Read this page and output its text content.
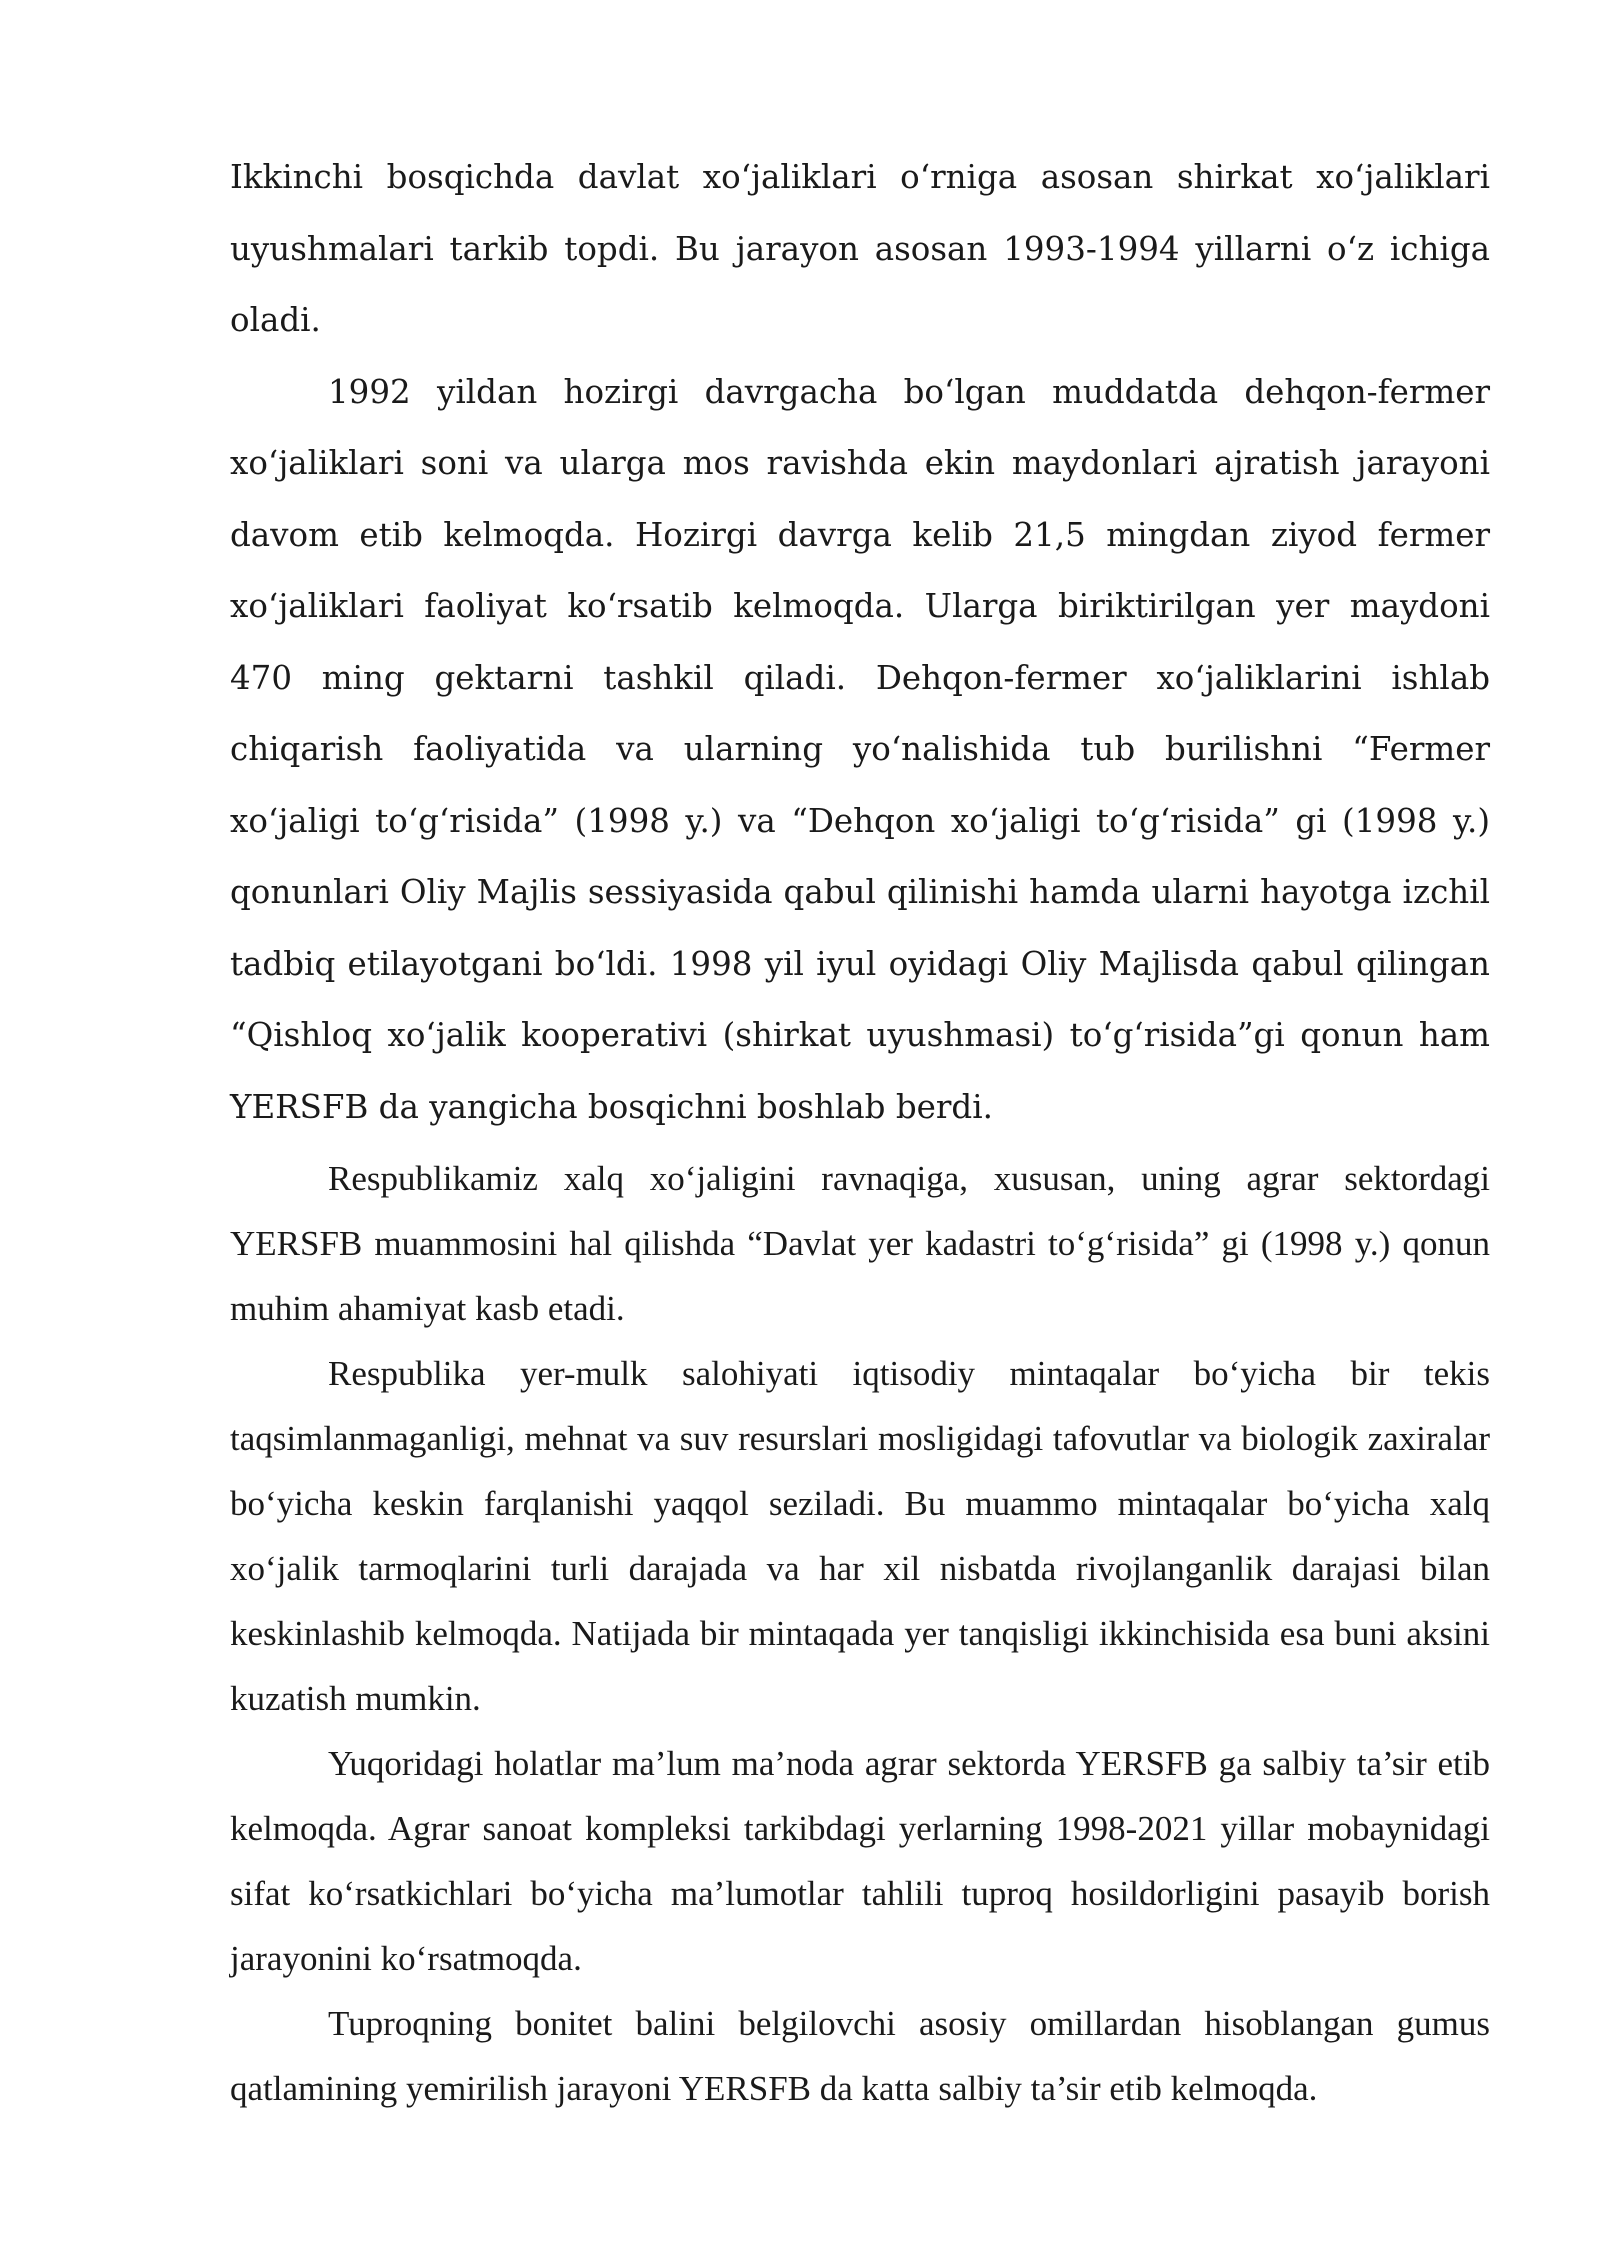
Ikkinchi bosqichda davlat xo‘jaliklari o‘rniga asosan shirkat xo‘jaliklari uyushmalari tarkib topdi. Bu jarayon asosan 1993-1994 yillarni o‘z ichiga oladi.

1992 yildan hozirgi davrgacha bo‘lgan muddatda dehqon-fermer xo‘jaliklari soni va ularga mos ravishda ekin maydonlari ajratish jarayoni davom etib kelmoqda. Hozirgi davrga kelib 21,5 mingdan ziyod fermer xo‘jaliklari faoliyat ko‘rsatib kelmoqda. Ularga biriktirilgan yer maydoni 470 ming gektarni tashkil qiladi. Dehqon-fermer xo‘jaliklarini ishlab chiqarish faoliyatida va ularning yo‘nalishida tub burilishni “Fermer xo‘jaligi to‘g‘risida” (1998 y.) va “Dehqon xo‘jaligi to‘g‘risida” gi (1998 y.) qonunlari Oliy Majlis sessiyasida qabul qilinishi hamda ularni hayotga izchil tadbiq etilayotgani bo‘ldi. 1998 yil iyul oyidagi Oliy Majlisda qabul qilingan “Qishloq xo‘jalik kooperativi (shirkat uyushmasi) to‘g‘risida”gi qonun ham YERSFB da yangicha bosqichni boshlab berdi.

Respublikamiz xalq xo‘jaligini ravnaqiga, xususan, uning agrar sektordagi YERSFB muammosini hal qilishda “Davlat yer kadastri to‘g‘risida” gi (1998 y.) qonun muhim ahamiyat kasb etadi.

Respublika yer-mulk salohiyati iqtisodiy mintaqalar bo‘yicha bir tekis taqsimlanmaganligi, mehnat va suv resurslari mosligidagi tafovutlar va biologik zaxiralar bo‘yicha keskin farqlanishi yaqqol seziladi. Bu muammo mintaqalar bo‘yicha xalq xo‘jalik tarmoqlarini turli darajada va har xil nisbatda rivojlanganlik darajasi bilan keskinlashib kelmoqda. Natijada bir mintaqada yer tanqisligi ikkinchisida esa buni aksini kuzatish mumkin.

Yuqoridagi holatlar ma’lum ma’noda agrar sektorda YERSFB ga salbiy ta’sir etib kelmoqda. Agrar sanoat kompleksi tarkibdagi yerlarning 1998-2021 yillar mobaynidagi sifat ko‘rsatkichlari bo‘yicha ma’lumotlar tahlili tuproq hosildorligini pasayib borish jarayonini ko‘rsatmoqda.

Tuproqning bonitet balini belgilovchi asosiy omillardan hisoblangan gumus qatlamining yemirilish jarayoni YERSFB da katta salbiy ta’sir etib kelmoqda.
